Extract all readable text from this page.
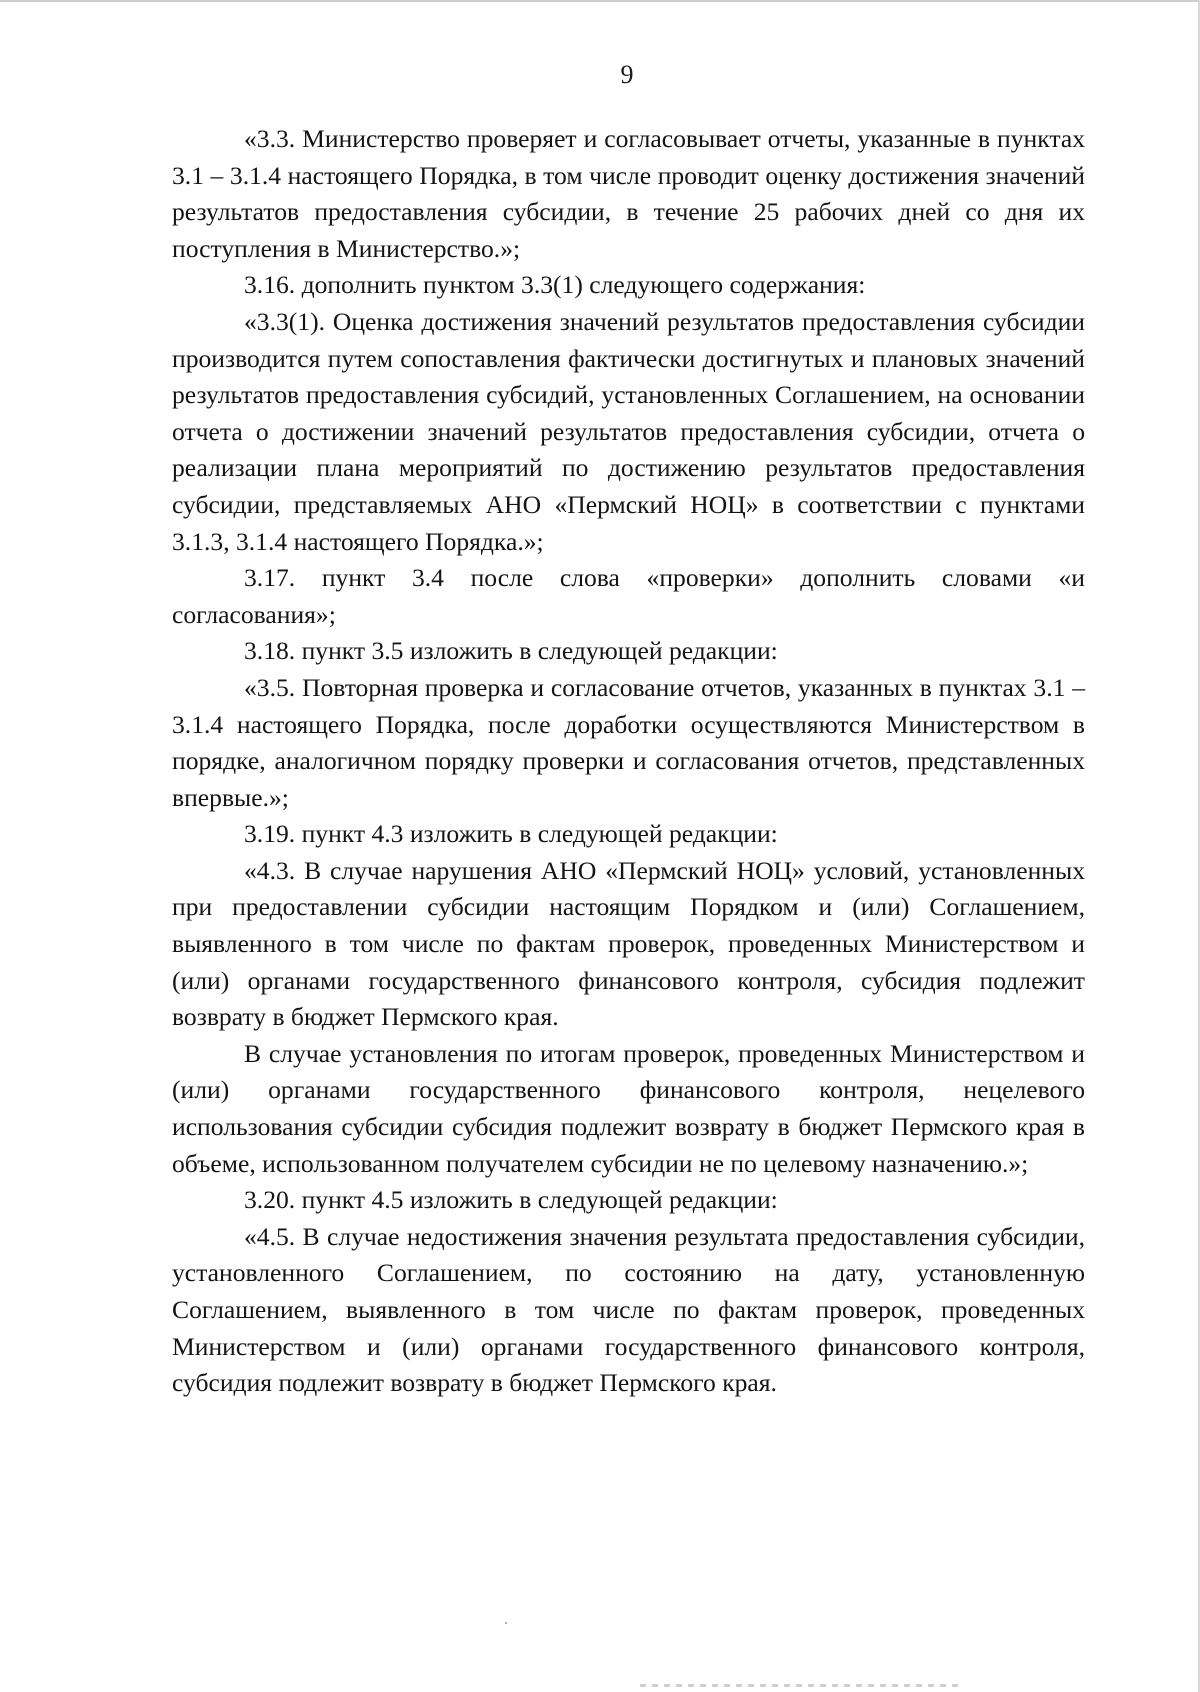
9

«3.3. Министерство проверяет и согласовывает отчеты, указанные в пунктах 3.1 – 3.1.4 настоящего Порядка, в том числе проводит оценку достижения значений результатов предоставления субсидии, в течение 25 рабочих дней со дня их поступления в Министерство.»;

3.16. дополнить пунктом 3.3(1) следующего содержания:

«3.3(1). Оценка достижения значений результатов предоставления субсидии производится путем сопоставления фактически достигнутых и плановых значений результатов предоставления субсидий, установленных Соглашением, на основании отчета о достижении значений результатов предоставления субсидии, отчета о реализации плана мероприятий по достижению результатов предоставления субсидии, представляемых АНО «Пермский НОЦ» в соответствии с пунктами 3.1.3, 3.1.4 настоящего Порядка.»;

3.17. пункт 3.4 после слова «проверки» дополнить словами «и согласования»;

3.18. пункт 3.5 изложить в следующей редакции:

«3.5. Повторная проверка и согласование отчетов, указанных в пунктах 3.1 – 3.1.4 настоящего Порядка, после доработки осуществляются Министерством в порядке, аналогичном порядку проверки и согласования отчетов, представленных впервые.»;

3.19. пункт 4.3 изложить в следующей редакции:

«4.3. В случае нарушения АНО «Пермский НОЦ» условий, установленных при предоставлении субсидии настоящим Порядком и (или) Соглашением, выявленного в том числе по фактам проверок, проведенных Министерством и (или) органами государственного финансового контроля, субсидия подлежит возврату в бюджет Пермского края.

В случае установления по итогам проверок, проведенных Министерством и (или) органами государственного финансового контроля, нецелевого использования субсидии субсидия подлежит возврату в бюджет Пермского края в объеме, использованном получателем субсидии не по целевому назначению.»;

3.20. пункт 4.5 изложить в следующей редакции:

«4.5. В случае недостижения значения результата предоставления субсидии, установленного Соглашением, по состоянию на дату, установленную Соглашением, выявленного в том числе по фактам проверок, проведенных Министерством и (или) органами государственного финансового контроля, субсидия подлежит возврату в бюджет Пермского края.
